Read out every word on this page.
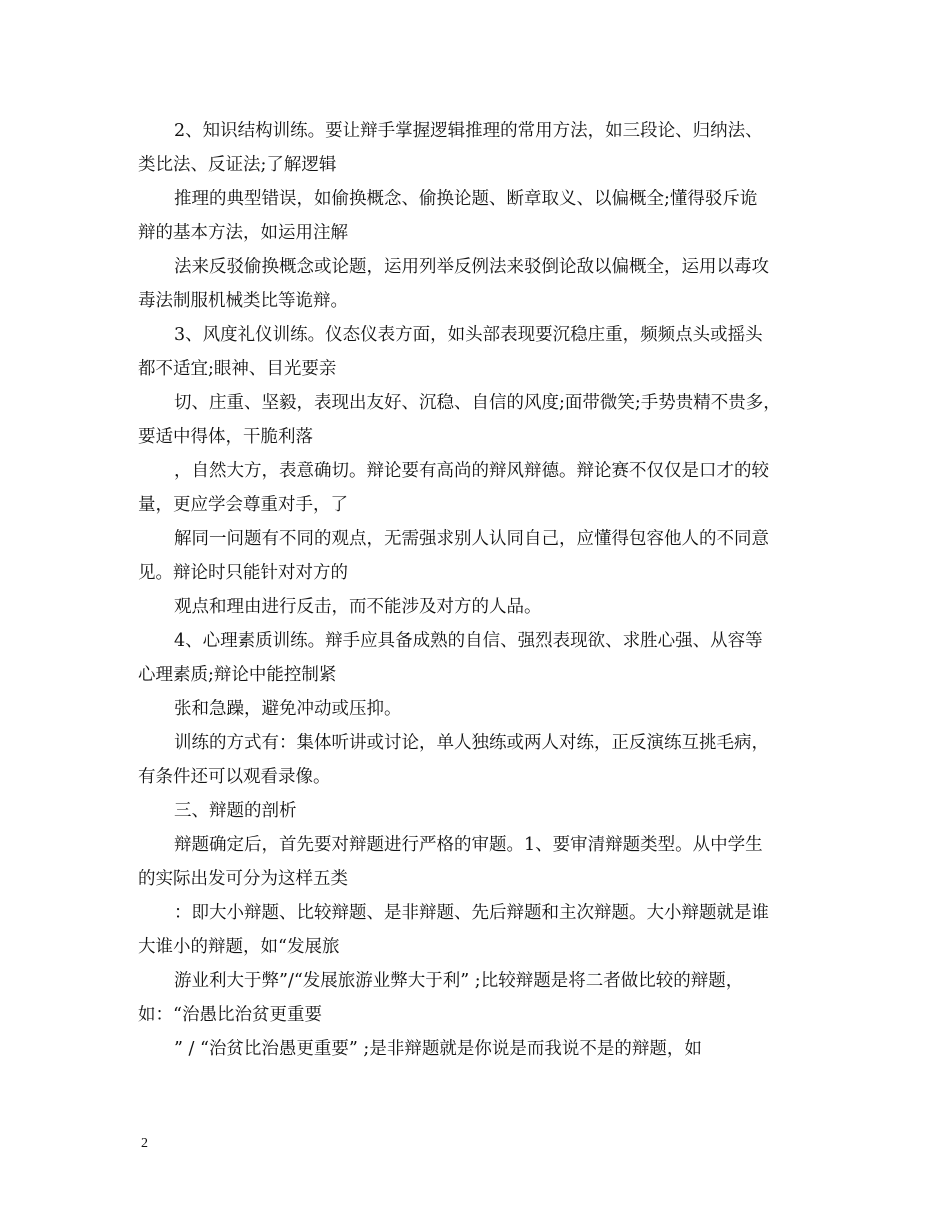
2、知识结构训练。要让辩手掌握逻辑推理的常用方法，如三段论、归纳法、
类比法、反证法;了解逻辑
推理的典型错误，如偷换概念、偷换论题、断章取义、以偏概全;懂得驳斥诡
辩的基本方法，如运用注解
法来反驳偷换概念或论题，运用列举反例法来驳倒论敌以偏概全，运用以毒攻
毒法制服机械类比等诡辩。
3、风度礼仪训练。仪态仪表方面，如头部表现要沉稳庄重，频频点头或摇头
都不适宜;眼神、目光要亲
切、庄重、坚毅，表现出友好、沉稳、自信的风度;面带微笑;手势贵精不贵多，
要适中得体，干脆利落
，自然大方，表意确切。辩论要有高尚的辩风辩德。辩论赛不仅仅是口才的较
量，更应学会尊重对手，了
解同一问题有不同的观点，无需强求别人认同自己，应懂得包容他人的不同意
见。辩论时只能针对对方的
观点和理由进行反击，而不能涉及对方的人品。
4、心理素质训练。辩手应具备成熟的自信、强烈表现欲、求胜心强、从容等
心理素质;辩论中能控制紧
张和急躁，避免冲动或压抑。
训练的方式有：集体听讲或讨论，单人独练或两人对练，正反演练互挑毛病，
有条件还可以观看录像。
三、辩题的剖析
辩题确定后，首先要对辩题进行严格的审题。1、要审清辩题类型。从中学生
的实际出发可分为这样五类
：即大小辩题、比较辩题、是非辩题、先后辩题和主次辩题。大小辩题就是谁
大谁小的辩题，如“发展旅
游业利大于弊”/“发展旅游业弊大于利” ;比较辩题是将二者做比较的辩题，
如：“治愚比治贫更重要
” / “治贫比治愚更重要” ;是非辩题就是你说是而我说不是的辩题，如
2
